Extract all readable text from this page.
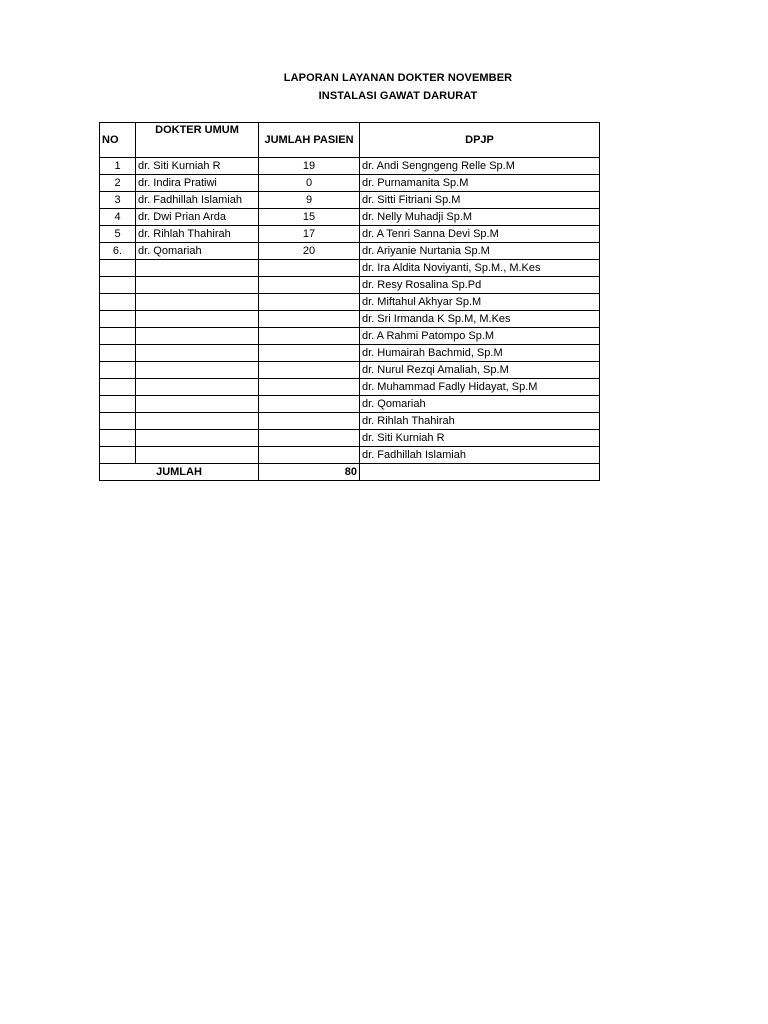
LAPORAN LAYANAN DOKTER NOVEMBER
INSTALASI GAWAT DARURAT
NO	DOKTER UMUM	JUMLAH PASIEN	DPJP
1	dr. Siti Kurniah R	19	dr. Andi Sengngeng Relle Sp.M
2	dr. Indira Pratiwi	0	dr. Purnamanita Sp.M
3	dr. Fadhillah Islamiah	9	dr. Sitti Fitriani Sp.M
4	dr. Dwi Prian Arda	15	dr. Nelly Muhadji Sp.M
5	dr. Rihlah Thahirah	17	dr. A Tenri Sanna Devi Sp.M
6.	dr. Qomariah	20	dr. Ariyanie Nurtania Sp.M
			dr. Ira Aldita Noviyanti, Sp.M., M.Kes
			dr. Resy Rosalina Sp.Pd
			dr. Miftahul Akhyar Sp.M
			dr. Sri Irmanda K Sp.M, M.Kes
			dr. A Rahmi Patompo Sp.M
			dr. Humairah Bachmid, Sp.M
			dr. Nurul Rezqi Amaliah, Sp.M
			dr. Muhammad Fadly Hidayat, Sp.M
			dr. Qomariah
			dr. Rihlah Thahirah
			dr. Siti Kurniah R
			dr. Fadhillah Islamiah
JUMLAH		80	
